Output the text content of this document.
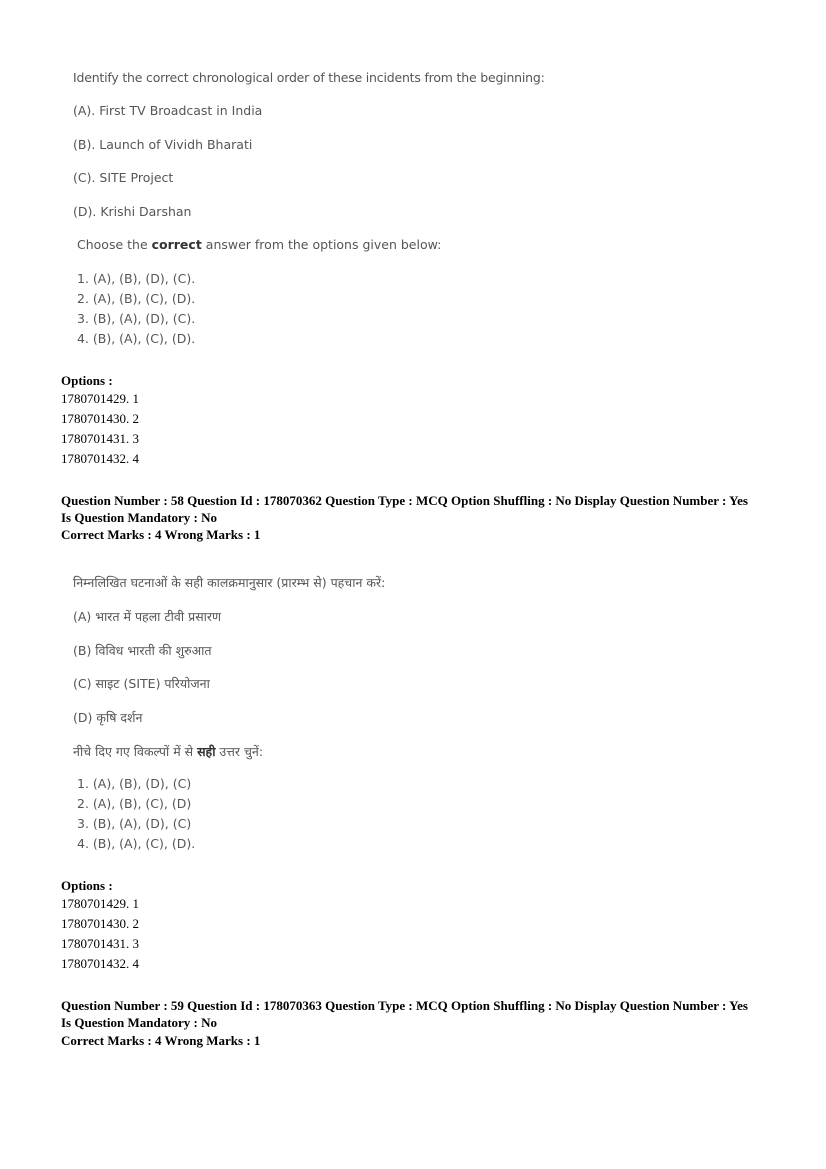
Identify the correct chronological order of these incidents from the beginning:
(A). First TV Broadcast in India
(B). Launch of Vividh Bharati
(C). SITE Project
(D). Krishi Darshan
Choose the correct answer from the options given below:
1. (A), (B), (D), (C).
2. (A), (B), (C), (D).
3. (B), (A), (D), (C).
4. (B), (A), (C), (D).
Options :
1780701429. 1
1780701430. 2
1780701431. 3
1780701432. 4
Question Number : 58 Question Id : 178070362 Question Type : MCQ Option Shuffling : No Display Question Number : Yes
Is Question Mandatory : No
Correct Marks : 4 Wrong Marks : 1
निम्नलिखित घटनाओं के सही कालक्रमानुसार (प्रारम्भ से) पहचान करें:
(A) भारत में पहला टीवी प्रसारण
(B) विविध भारती की शुरुआत
(C) साइट (SITE) परियोजना
(D) कृषि दर्शन
नीचे दिए गए विकल्पों में से सही उत्तर चुनें:
1. (A), (B), (D), (C)
2. (A), (B), (C), (D)
3. (B), (A), (D), (C)
4. (B), (A), (C), (D).
Options :
1780701429. 1
1780701430. 2
1780701431. 3
1780701432. 4
Question Number : 59 Question Id : 178070363 Question Type : MCQ Option Shuffling : No Display Question Number : Yes
Is Question Mandatory : No
Correct Marks : 4 Wrong Marks : 1
